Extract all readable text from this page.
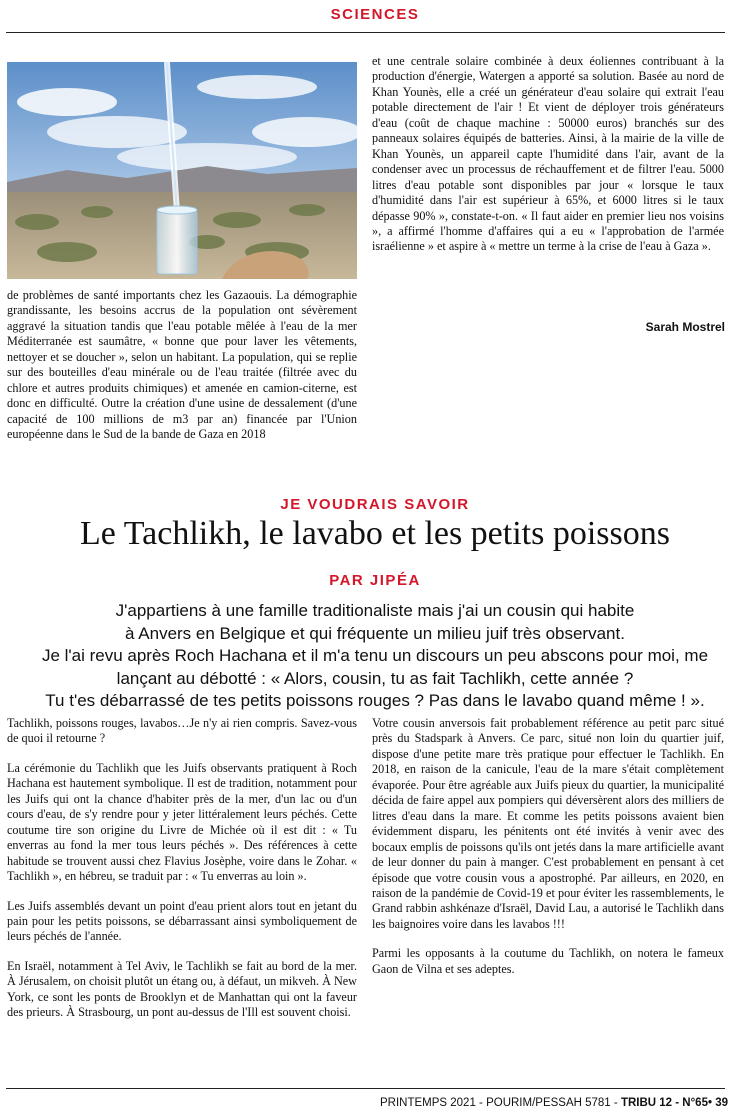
SCIENCES

de problèmes de santé importants chez les Gazaouis. La démographie grandissante, les besoins accrus de la population ont sévèrement aggravé la situation tandis que l'eau potable mêlée à l'eau de la mer Méditerranée est saumâtre, « bonne que pour laver les vêtements, nettoyer et se doucher », selon un habitant. La population, qui se replie sur des bouteilles d'eau minérale ou de l'eau traitée (filtrée avec du chlore et autres produits chimiques) et amenée en camion-citerne, est donc en difficulté. Outre la création d'une usine de dessalement (d'une capacité de 100 millions de m3 par an) financée par l'Union européenne dans le Sud de la bande de Gaza en 2018

et une centrale solaire combinée à deux éoliennes contribuant à la production d'énergie, Watergen a apporté sa solution. Basée au nord de Khan Younès, elle a créé un générateur d'eau solaire qui extrait l'eau potable directement de l'air ! Et vient de déployer trois générateurs d'eau (coût de chaque machine : 50000 euros) branchés sur des panneaux solaires équipés de batteries. Ainsi, à la mairie de la ville de Khan Younès, un appareil capte l'humidité dans l'air, avant de la condenser avec un processus de réchauffement et de filtrer l'eau. 5000 litres d'eau potable sont disponibles par jour « lorsque le taux d'humidité dans l'air est supérieur à 65%, et 6000 litres si le taux dépasse 90% », constate-t-on. « Il faut aider en premier lieu nos voisins », a affirmé l'homme d'affaires qui a eu « l'approbation de l'armée israélienne » et aspire à « mettre un terme à la crise de l'eau à Gaza ».

Sarah Mostrel
JE VOUDRAIS SAVOIR
Le Tachlikh, le lavabo et les petits poissons
PAR JIPÉA
J'appartiens à une famille traditionaliste mais j'ai un cousin qui habite
à Anvers en Belgique et qui fréquente un milieu juif très observant.
Je l'ai revu après Roch Hachana et il m'a tenu un discours un peu abscons pour moi, me
lançant au débotté : « Alors, cousin, tu as fait Tachlikh, cette année ?
Tu t'es débarrassé de tes petits poissons rouges ? Pas dans le lavabo quand même ! ».

Tachlikh, poissons rouges, lavabos…Je n'y ai rien compris. Savez-vous de quoi il retourne ?

La cérémonie du Tachlikh que les Juifs observants pratiquent à Roch Hachana est hautement symbolique. Il est de tradition, notamment pour les Juifs qui ont la chance d'habiter près de la mer, d'un lac ou d'un cours d'eau, de s'y rendre pour y jeter littéralement leurs péchés. Cette coutume tire son origine du Livre de Michée où il est dit : « Tu enverras au fond la mer tous leurs péchés ». Des références à cette habitude se trouvent aussi chez Flavius Josèphe, voire dans le Zohar. « Tachlikh », en hébreu, se traduit par : « Tu enverras au loin ».

Les Juifs assemblés devant un point d'eau prient alors tout en jetant du pain pour les petits poissons, se débarrassant ainsi symboliquement de leurs péchés de l'année.

En Israël, notamment à Tel Aviv, le Tachlikh se fait au bord de la mer. À Jérusalem, on choisit plutôt un étang ou, à défaut, un mikveh. À New York, ce sont les ponts de Brooklyn et de Manhattan qui ont la faveur des prieurs. À Strasbourg, un pont au-dessus de l'Ill est souvent choisi.

Votre cousin anversois fait probablement référence au petit parc situé près du Stadspark à Anvers. Ce parc, situé non loin du quartier juif, dispose d'une petite mare très pratique pour effectuer le Tachlikh. En 2018, en raison de la canicule, l'eau de la mare s'était complètement évaporée. Pour être agréable aux Juifs pieux du quartier, la municipalité décida de faire appel aux pompiers qui déversèrent alors des milliers de litres d'eau dans la mare. Et comme les petits poissons avaient bien évidemment disparu, les pénitents ont été invités à venir avec des bocaux emplis de poissons qu'ils ont jetés dans la mare artificielle avant de leur donner du pain à manger. C'est probablement en pensant à cet épisode que votre cousin vous a apostrophé. Par ailleurs, en 2020, en raison de la pandémie de Covid-19 et pour éviter les rassemblements, le Grand rabbin ashkénaze d'Israël, David Lau, a autorisé le Tachlikh dans les baignoires voire dans les lavabos !!!

Parmi les opposants à la coutume du Tachlikh, on notera le fameux Gaon de Vilna et ses adeptes.

PRINTEMPS 2021 - POURIM/PESSAH 5781 - TRIBU 12 - N°65• 39
